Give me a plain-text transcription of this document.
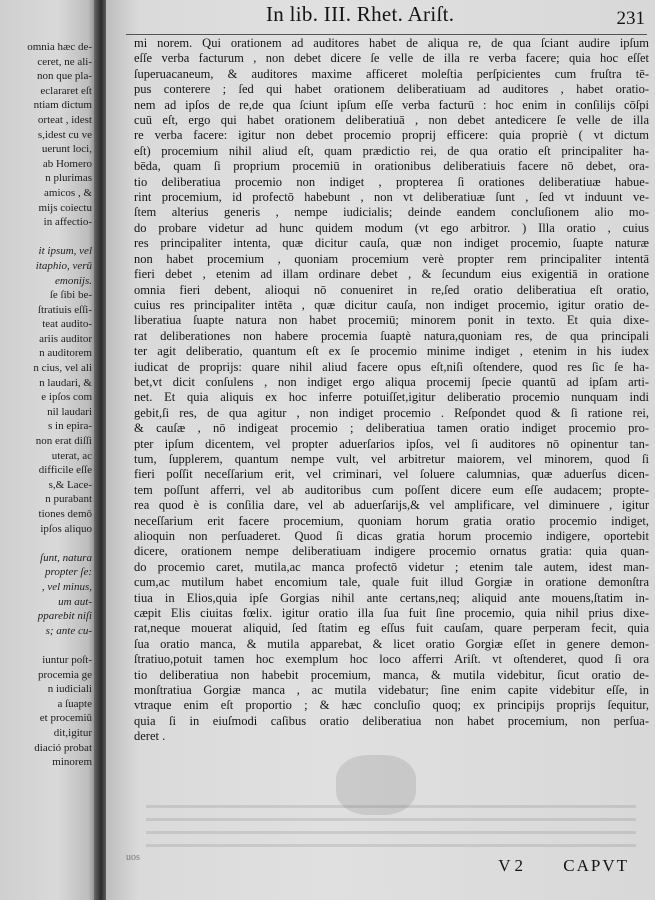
omnia hæc de-
ceret, ne ali-
non que pla-
eclararet eſt
ntiam dictum
orteat , idest
s,idest cu ve
uerunt loci,
ab Homero
n plurimas
amicos , &
mijs coiectu
in affectio-

it ipsum, vel
itaphio, verū
emonijs.
ſe ſibi be-
ſtratiuis eſſi-
teat audito-
ariis auditor
n auditorem
n cius, vel ali
n laudari, &
e ipſos com
nil laudari
s in epira-
non erat diſſi
uterat, ac
difficile eſſe
s,& Lace-
n purabant
tiones demō
ipſos aliquo

ſunt, natura
propter ſe:
, vel minus,
um aut-
pparebit niſi
s; ante cu-

iuntur poſt-
procemia ge
n iudiciali
a ſuapte
et procemiū
dit,igitur
diació probat
minorem
In lib. III. Rhet. Ariſt.	231
mi norem. Qui orationem ad auditores habet de aliqua re, de qua ſciant audire ipſum
eſſe verba facturum , non debet dicere ſe velle de illa re verba facere; quia hoc eſſet
ſuperuacaneum, & auditores maxime afficeret moleſtia perſpicientes cum fruſtra tē-
pus conterere ; ſed qui habet orationem deliberatiuam ad auditores , habet oratio-
nem ad ipſos de re,de qua ſciunt ipſum eſſe verba facturū : hoc enim in conſilijs cōſpi
cuū eſt, ergo qui habet orationem deliberatiuā , non debet antedicere ſe velle de illa
re verba facere: igitur non debet procemio proprij efficere: quia propriè ( vt dictum
eſt) procemium nihil aliud eſt, quam prædictio rei, de qua oratio eſt principaliter ha-
bēda, quam ſi proprium procemiū in orationibus deliberatiuis facere nō debet, ora-
tio deliberatiua procemio non indiget , propterea ſi orationes deliberatiuæ habue-
rint procemium, id profectō habebunt , non vt deliberatiuæ ſunt , ſed vt induunt ve-
ſtem alterius generis , nempe iudicialis; deinde eandem concluſionem alio mo-
do probare videtur ad hunc quidem modum (vt ego arbitror. ) Illa oratio , cuius
res principaliter intenta, quæ dicitur cauſa, quæ non indiget procemio, ſuapte naturæ
non habet procemium , quoniam procemium verè propter rem principaliter intentā
fieri debet , etenim ad illam ordinare debet , & ſecundum eius exigentiā in oratione
omnia fieri debent, alioqui nō conueniret in re,ſed oratio deliberatiua eſt oratio,
cuius res principaliter intēta , quæ dicitur cauſa, non indiget procemio, igitur oratio de-
liberatiua ſuapte natura non habet procemiū; minorem ponit in texto. Et quia dixe-
rat deliberationes non habere procemia ſuaptè natura,quoniam res, de qua principali
ter agit deliberatio, quantum eſt ex ſe procemio minime indiget , etenim in his iudex
iudicat de proprijs: quare nihil aliud facere opus eſt,niſi oſtendere, quod res ſic ſe ha-
bet,vt dicit conſulens , non indiget ergo aliqua procemij ſpecie quantū ad ipſam arti-
net. Et quia aliquis ex hoc inferre potuiſſet,igitur deliberatio procemio nunquam indi
gebit,ſi res, de qua agitur , non indiget procemio . Reſpondet quod & ſi ratione rei,
& cauſæ , nō indigeat procemio ; deliberatiua tamen oratio indiget procemio pro-
pter ipſum dicentem, vel propter aduerſarios ipſos, vel ſi auditores nō opinentur tan-
tum, ſupplerem, quantum nempe vult, vel arbitretur maiorem, vel minorem, quod ſi
fieri poſſit neceſſarium erit, vel criminari, vel ſoluere calumnias, quæ aduerſus dicen-
tem poſſunt afferri, vel ab auditoribus cum poſſent dicere eum eſſe audacem; propte-
rea quod è is conſilia dare, vel ab aduerſarijs,& vel amplificare, vel diminuere , igitur
neceſſarium erit facere procemium, quoniam horum gratia oratio procemio indiget,
alioquin non perſuaderet. Quod ſi dicas gratia horum procemio indigere, oportebit
dicere, orationem nempe deliberatiuam indigere procemio ornatus gratia: quia quan-
do procemio caret, mutila,ac manca profectō videtur ; etenim tale autem, idest man-
cum,ac mutilum habet encomium tale, quale fuit illud Gorgiæ in oratione demonſtra
tiua in Elios,quia ipſe Gorgias nihil ante certans,neq; aliquid ante mouens,ſtatim in-
cæpit Elis ciuitas fœlix. igitur oratio illa ſua fuit ſine procemio, quia nihil prius dixe-
rat,neque mouerat aliquid, ſed ſtatim eg eſſus fuit cauſam, quare perperam fecit, quia
ſua oratio manca, & mutila apparebat, & licet oratio Gorgiæ eſſet in genere demon-
ſtratiuo,potuit tamen hoc exemplum hoc loco afferri Ariſt. vt oſtenderet, quod ſi ora
tio deliberatiua non habebit procemium, manca, & mutila videbitur, ſicut oratio de-
monſtratiua Gorgiæ manca , ac mutila videbatur; ſine enim capite videbitur eſſe, in
vtraque enim eſt proportio ; & hæc concluſio quoq; ex principijs proprijs ſequitur,
quia ſi in eiuſmodi caſibus oratio deliberatiua non habet procemium, non perſua-
deret .
uos	V 2 CAPVT
